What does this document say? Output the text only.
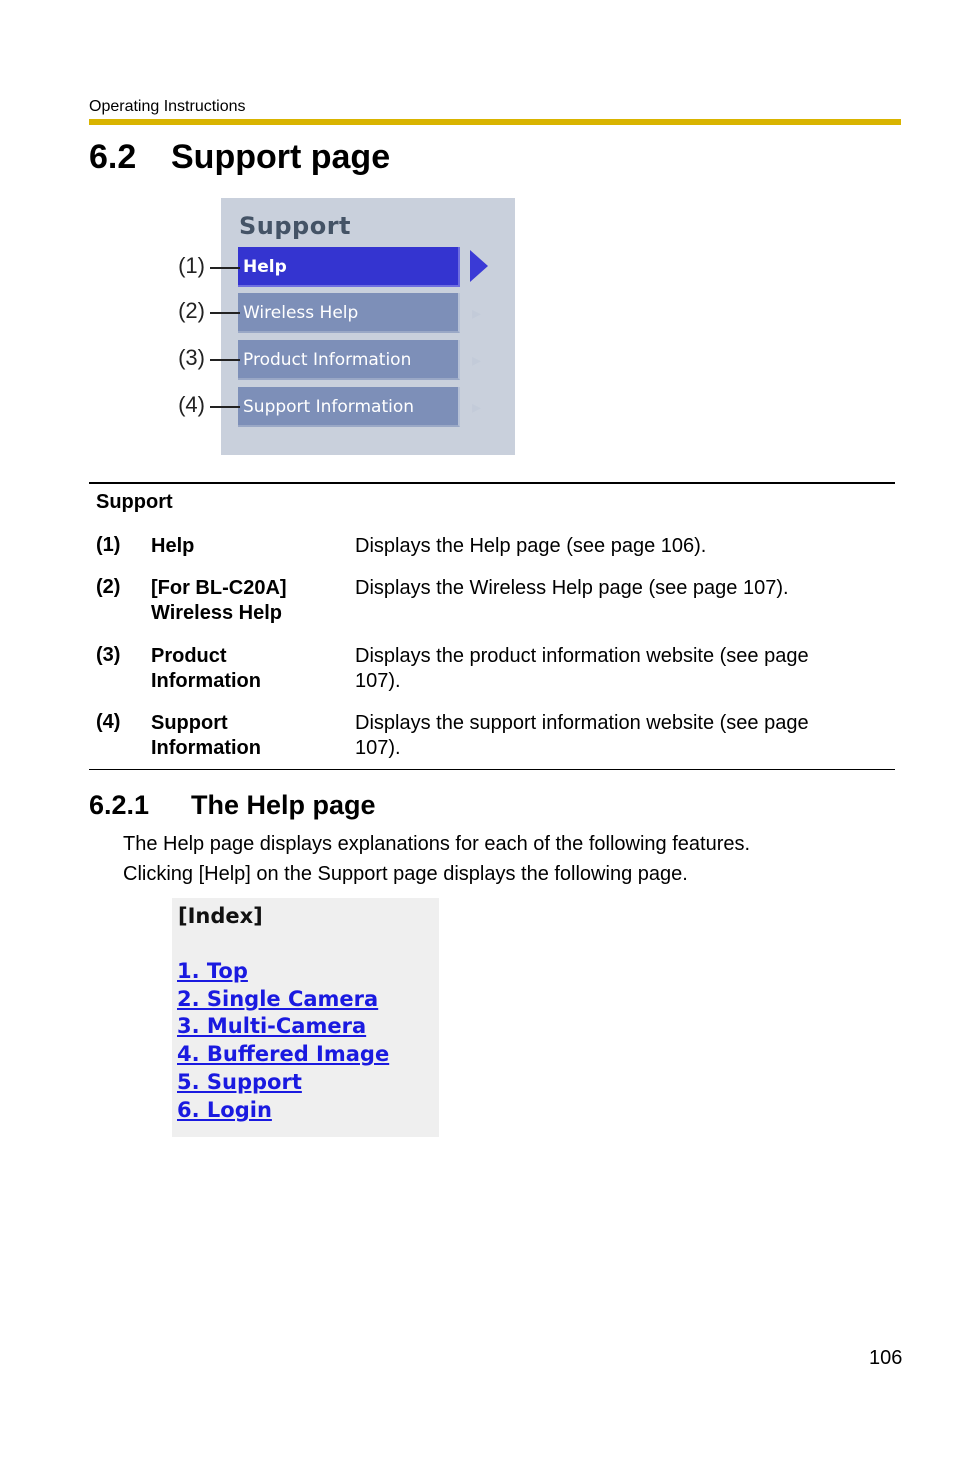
Operating Instructions
6.2 Support page
Support
Help
Wireless Help
Product Information
Support Information
▸
▸
▸
(1)
(2)
(3)
(4)
Support
(1) Help	Displays the Help page (see page 106).
(2) [For BL-C20A]
Wireless Help
Displays the Wireless Help page (see page 107).
(3) Product
Information
Displays the product information website (see page
107).
(4) Support
Information
Displays the support information website (see page
107).
6.2.1 The Help page
The Help page displays explanations for each of the following features.
Clicking [Help] on the Support page displays the following page.
[Index]
1. Top
2. Single Camera
3. Multi-Camera
4. Buffered Image
5. Support
6. Login
106
